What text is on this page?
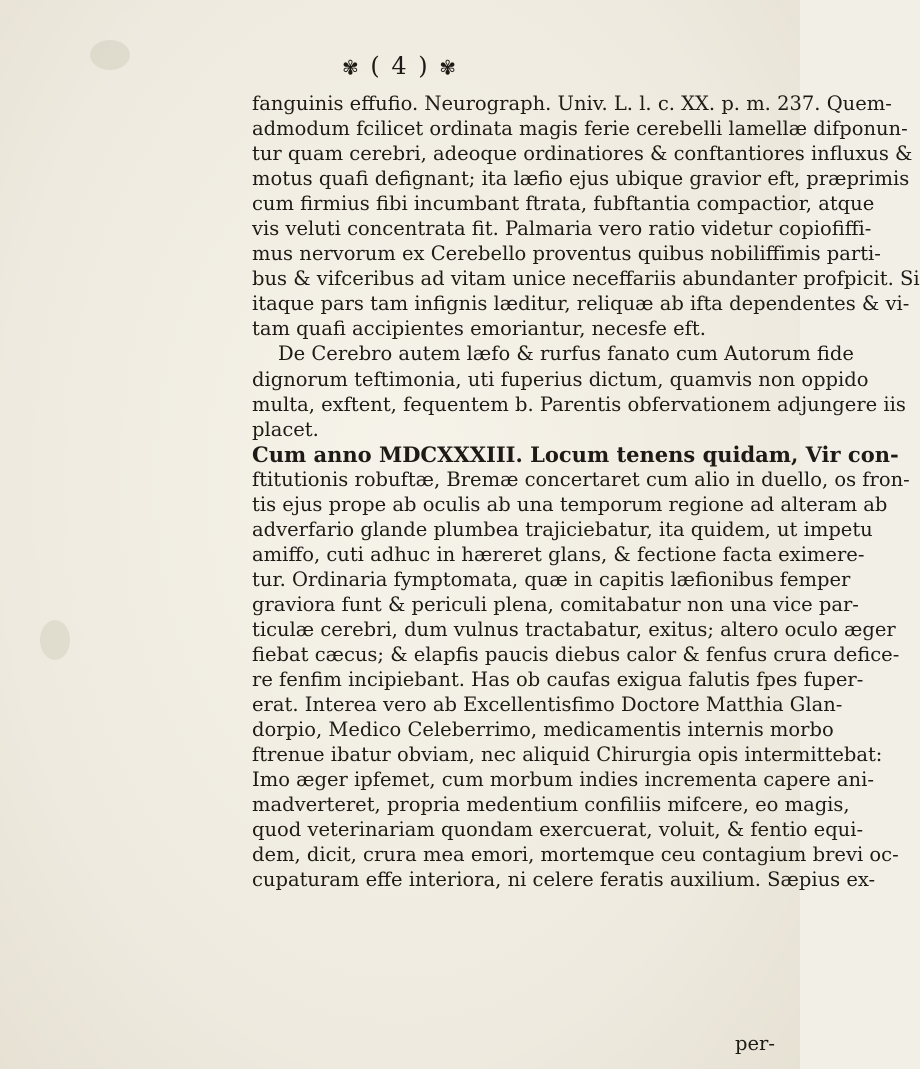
✾ ( 4 ) ✾
fanguinis effufio. Neurograph. Univ. L. l. c. XX. p. m. 237. Quem-
admodum fcilicet ordinata magis ferie cerebelli lamellæ difponun-
tur quam cerebri, adeoque ordinatiores & conftantiores influxus &
motus quafi defignant; ita læfio ejus ubique gravior eft, præprimis
cum firmius fibi incumbant ftrata, fubftantia compactior, atque
vis veluti concentrata fit. Palmaria vero ratio videtur copiofiffi-
mus nervorum ex Cerebello proventus quibus nobiliffimis parti-
bus & vifceribus ad vitam unice neceffariis abundanter profpicit. Si
itaque pars tam infignis læditur, reliquæ ab ifta dependentes & vi-
tam quafi accipientes emoriantur, necesfe eft.
De Cerebro autem læfo & rurfus fanato cum Autorum fide
dignorum teftimonia, uti fuperius dictum, quamvis non oppido
multa, exftent, fequentem b. Parentis obfervationem adjungere iis
placet.
Cum anno MDCXXXIII. Locum tenens quidam, Vir con-
ftitutionis robuftæ, Bremæ concertaret cum alio in duello, os fron-
tis ejus prope ab oculis ab una temporum regione ad alteram ab
adverfario glande plumbea trajiciebatur, ita quidem, ut impetu
amiffo, cuti adhuc in hæreret glans, & fectione facta eximere-
tur. Ordinaria fymptomata, quæ in capitis læfionibus femper
graviora funt & periculi plena, comitabatur non una vice par-
ticulæ cerebri, dum vulnus tractabatur, exitus; altero oculo æger
fiebat cæcus; & elapfis paucis diebus calor & fenfus crura defice-
re fenfim incipiebant. Has ob caufas exigua falutis fpes fuper-
erat. Interea vero ab Excellentisfimo Doctore Matthia Glan-
dorpio, Medico Celeberrimo, medicamentis internis morbo
ftrenue ibatur obviam, nec aliquid Chirurgia opis intermittebat:
Imo æger ipfemet, cum morbum indies incrementa capere ani-
madverteret, propria medentium confiliis mifcere, eo magis,
quod veterinariam quondam exercuerat, voluit, & fentio equi-
dem, dicit, crura mea emori, mortemque ceu contagium brevi oc-
cupaturam effe interiora, ni celere feratis auxilium. Sæpius ex-
per-
